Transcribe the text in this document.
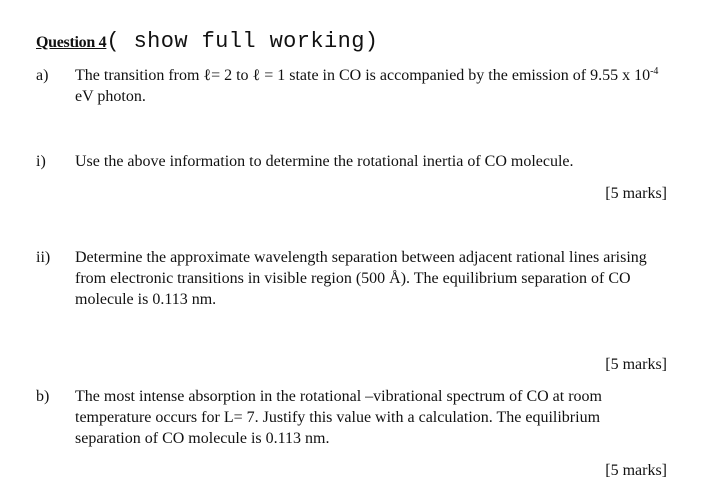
Question 4( show full working)
a) The transition from ℓ= 2 to ℓ = 1 state in CO is accompanied by the emission of 9.55 x $10^{-4}$ eV photon.
i) Use the above information to determine the rotational inertia of CO molecule.
[5 marks]
ii) Determine the approximate wavelength separation between adjacent rational lines arising from electronic transitions in visible region (500 Å). The equilibrium separation of CO molecule is 0.113 nm.
[5 marks]
b) The most intense absorption in the rotational –vibrational spectrum of CO at room temperature occurs for L= 7. Justify this value with a calculation. The equilibrium separation of CO molecule is 0.113 nm.
[5 marks]
